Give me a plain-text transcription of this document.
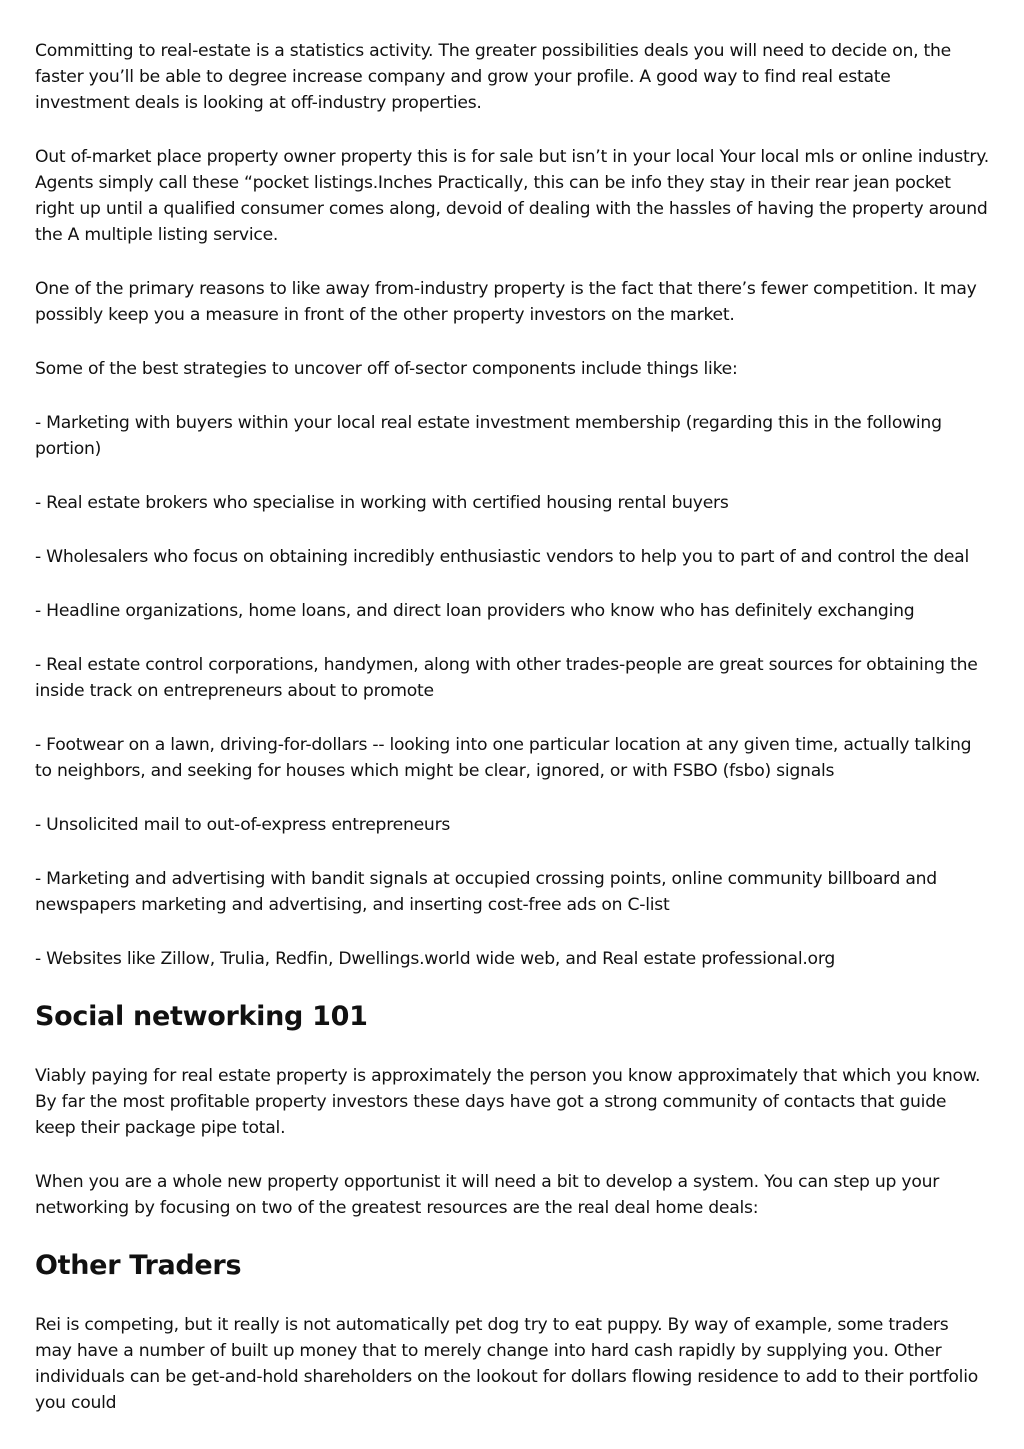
Committing to real-estate is a statistics activity. The greater possibilities deals you will need to decide on, the faster you’ll be able to degree increase company and grow your profile. A good way to find real estate investment deals is looking at off-industry properties.

Out of-market place property owner property this is for sale but isn’t in your local Your local mls or online industry. Agents simply call these “pocket listings.Inches Practically, this can be info they stay in their rear jean pocket right up until a qualified consumer comes along, devoid of dealing with the hassles of having the property around the A multiple listing service.

One of the primary reasons to like away from-industry property is the fact that there’s fewer competition. It may possibly keep you a measure in front of the other property investors on the market.

Some of the best strategies to uncover off of-sector components include things like:

- Marketing with buyers within your local real estate investment membership (regarding this in the following portion)

- Real estate brokers who specialise in working with certified housing rental buyers

- Wholesalers who focus on obtaining incredibly enthusiastic vendors to help you to part of and control the deal

- Headline organizations, home loans, and direct loan providers who know who has definitely exchanging

- Real estate control corporations, handymen, along with other trades-people are great sources for obtaining the inside track on entrepreneurs about to promote

- Footwear on a lawn, driving-for-dollars -- looking into one particular location at any given time, actually talking to neighbors, and seeking for houses which might be clear, ignored, or with FSBO (fsbo) signals

- Unsolicited mail to out-of-express entrepreneurs

- Marketing and advertising with bandit signals at occupied crossing points, online community billboard and newspapers marketing and advertising, and inserting cost-free ads on C-list

- Websites like Zillow, Trulia, Redfin, Dwellings.world wide web, and Real estate professional.org

Social networking 101

Viably paying for real estate property is approximately the person you know approximately that which you know. By far the most profitable property investors these days have got a strong community of contacts that guide keep their package pipe total.

When you are a whole new property opportunist it will need a bit to develop a system. You can step up your networking by focusing on two of the greatest resources are the real deal home deals:

Other Traders

Rei is competing, but it really is not automatically pet dog try to eat puppy. By way of example, some traders may have a number of built up money that to merely change into hard cash rapidly by supplying you. Other individuals can be get-and-hold shareholders on the lookout for dollars flowing residence to add to their portfolio you could
